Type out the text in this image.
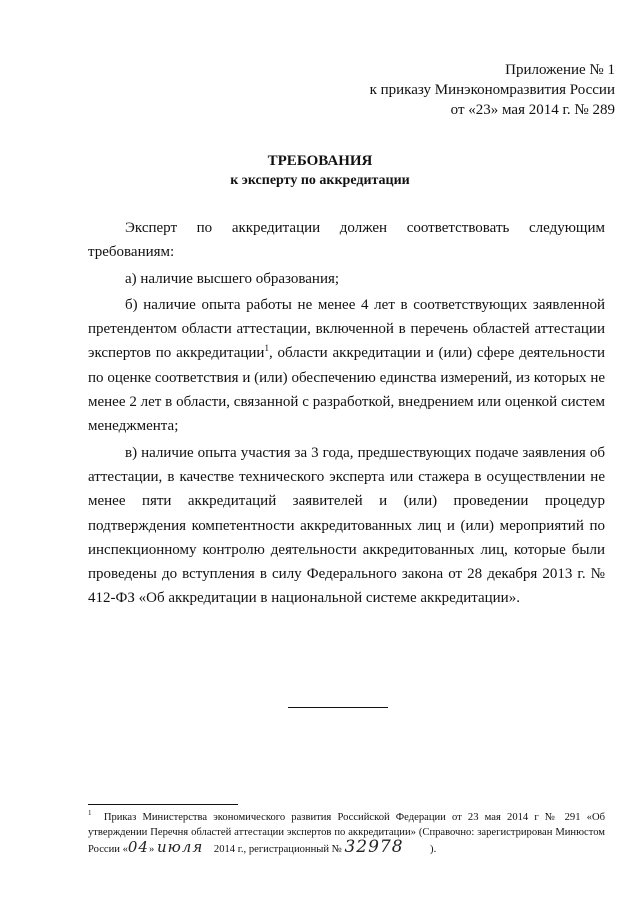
Приложение № 1
к приказу Минэкономразвития России
от «23» мая 2014 г. № 289
ТРЕБОВАНИЯ
к эксперту по аккредитации

Эксперт по аккредитации должен соответствовать следующим требованиям:

а) наличие высшего образования;

б) наличие опыта работы не менее 4 лет в соответствующих заявленной претендентом области аттестации, включенной в перечень областей аттестации экспертов по аккредитации$^1$, области аккредитации и (или) сфере деятельности по оценке соответствия и (или) обеспечению единства измерений, из которых не менее 2 лет в области, связанной с разработкой, внедрением или оценкой систем менеджмента;

в) наличие опыта участия за 3 года, предшествующих подаче заявления об аттестации, в качестве технического эксперта или стажера в осуществлении не менее пяти аккредитаций заявителей и (или) проведении процедур подтверждения компетентности аккредитованных лиц и (или) мероприятий по инспекционному контролю деятельности аккредитованных лиц, которые были проведены до вступления в силу Федерального закона от 28 декабря 2013 г. № 412-ФЗ «Об аккредитации в национальной системе аккредитации».

$^1$ Приказ Министерства экономического развития Российской Федерации от 23 мая 2014 г № 291 «Об утверждении Перечня областей аттестации экспертов по аккредитации» (Справочно: зарегистрирован Минюстом России «04» июля 2014 г., регистрационный № 32978 ).
